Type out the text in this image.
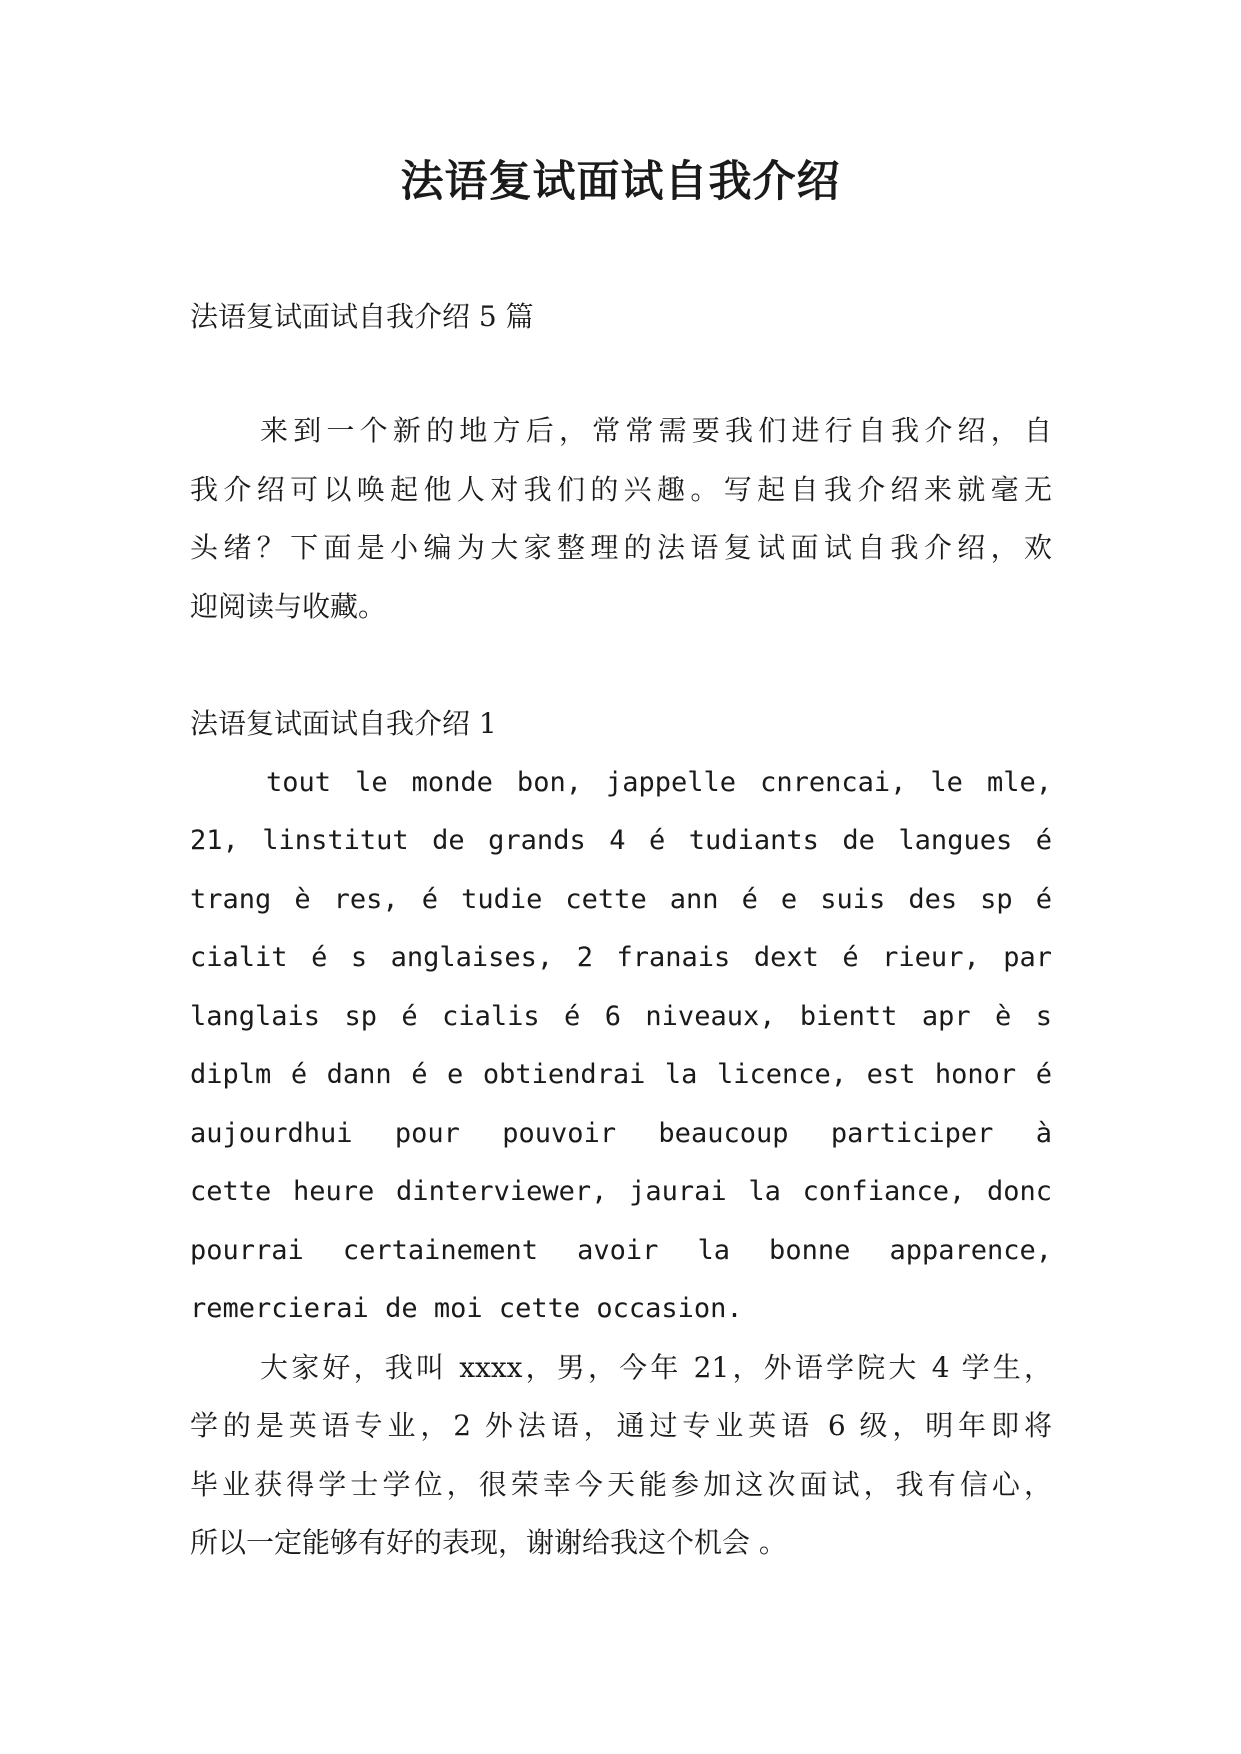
法语复试面试自我介绍
法语复试面试自我介绍 5 篇
来到一个新的地方后，常常需要我们进行自我介绍，自
我介绍可以唤起他人对我们的兴趣。写起自我介绍来就毫无
头绪？下面是小编为大家整理的法语复试面试自我介绍，欢
迎阅读与收藏。
法语复试面试自我介绍 1
tout le monde bon, jappelle cnrencai, le mle,
21, linstitut de grands 4 é tudiants de langues é
trang è res, é tudie cette ann é e suis des sp é
cialit é s anglaises, 2 franais dext é rieur, par
langlais sp é cialis é 6 niveaux, bientt apr è s
diplm é dann é e obtiendrai la licence, est honor é
aujourdhui pour pouvoir beaucoup participer à
cette heure dinterviewer, jaurai la confiance, donc
pourrai certainement avoir la bonne apparence,
remercierai de moi cette occasion.
大家好，我叫 xxxx，男，今年 21，外语学院大 4 学生，
学的是英语专业，2 外法语，通过专业英语 6 级，明年即将
毕业获得学士学位，很荣幸今天能参加这次面试，我有信心，
所以一定能够有好的表现，谢谢给我这个机会 。
